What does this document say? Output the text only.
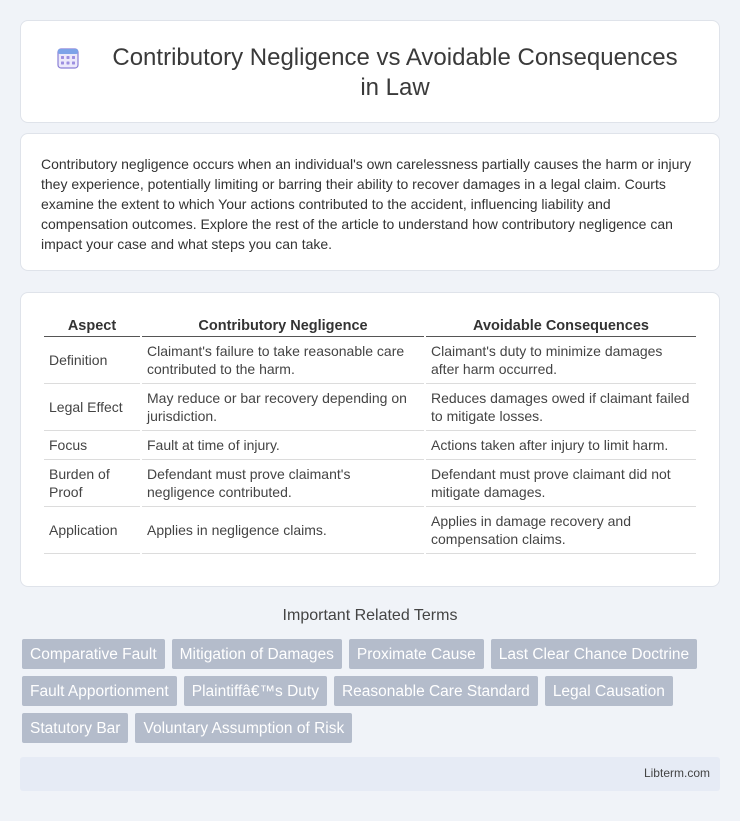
Contributory Negligence vs Avoidable Consequences in Law

Contributory negligence occurs when an individual's own carelessness partially causes the harm or injury they experience, potentially limiting or barring their ability to recover damages in a legal claim. Courts examine the extent to which Your actions contributed to the accident, influencing liability and compensation outcomes. Explore the rest of the article to understand how contributory negligence can impact your case and what steps you can take.

Aspect	Contributory Negligence	Avoidable Consequences
Definition	Claimant's failure to take reasonable care contributed to the harm.	Claimant's duty to minimize damages after harm occurred.
Legal Effect	May reduce or bar recovery depending on jurisdiction.	Reduces damages owed if claimant failed to mitigate losses.
Focus	Fault at time of injury.	Actions taken after injury to limit harm.
Burden of Proof	Defendant must prove claimant's negligence contributed.	Defendant must prove claimant did not mitigate damages.
Application	Applies in negligence claims.	Applies in damage recovery and compensation claims.
Important Related Terms
Comparative Fault	Mitigation of Damages	Proximate Cause	Last Clear Chance Doctrine
Fault Apportionment	Plaintiffâ€™s Duty	Reasonable Care Standard	Legal Causation
Statutory Bar	Voluntary Assumption of Risk
Libterm.com
